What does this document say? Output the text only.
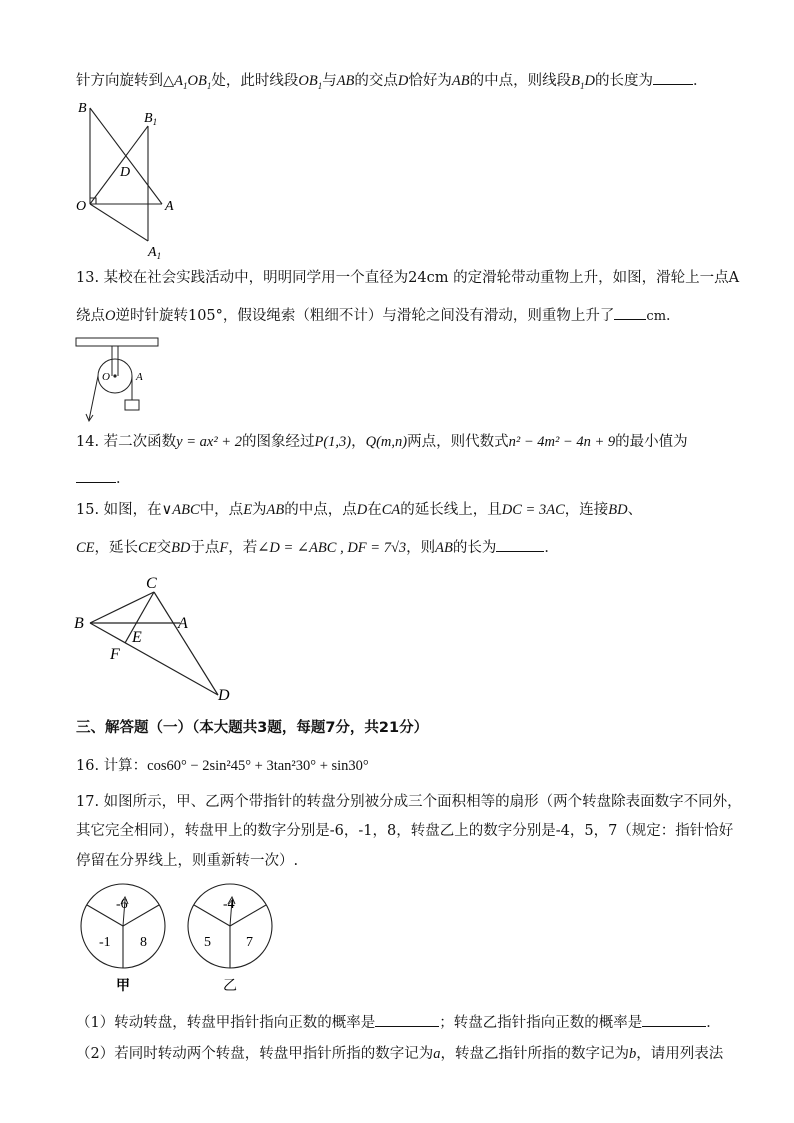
针方向旋转到$\triangle A_1OB_1$处，此时线段$OB_1$与AB的交点D恰好为AB的中点，则线段$B_1D$的长度为	．
B
$B_1$
D
O	A
$A_1$
13. 某校在社会实践活动中，明明同学用一个直径为24cm 的定滑轮带动重物上升，如图，滑轮上一点A
绕点O逆时针旋转105°，假设绳索（粗细不计）与滑轮之间没有滑动，则重物上升了 cm．
O A
14. 若二次函数y = ax² + 2的图象经过P(1,3)，Q(m,n)两点，则代数式n² − 4m² − 4n + 9的最小值为
．
15. 如图，在∨ABC中，点E为AB的中点，点D在CA的延长线上，且DC = 3AC，连接BD、
CE，延长CE交BD于点F，若∠D = ∠ABC , DF = 7√3，则AB的长为	．
C
B	A
E
F
D
三、解答题（一）（本大题共3题，每题7分，共21分）
16. 计算：cos60° − 2sin²45° + 3tan²30° + sin30°
17. 如图所示，甲、乙两个带指针的转盘分别被分成三个面积相等的扇形（两个转盘除表面数字不同外，
其它完全相同），转盘甲上的数字分别是-6，-1，8，转盘乙上的数字分别是-4，5，7（规定：指针恰好
停留在分界线上，则重新转一次）.
-6
-1 8
甲
-4
5	7
乙
（1）转动转盘，转盘甲指针指向正数的概率是	；转盘乙指针指向正数的概率是	．
（2）若同时转动两个转盘，转盘甲指针所指的数字记为a，转盘乙指针所指的数字记为b，请用列表法
